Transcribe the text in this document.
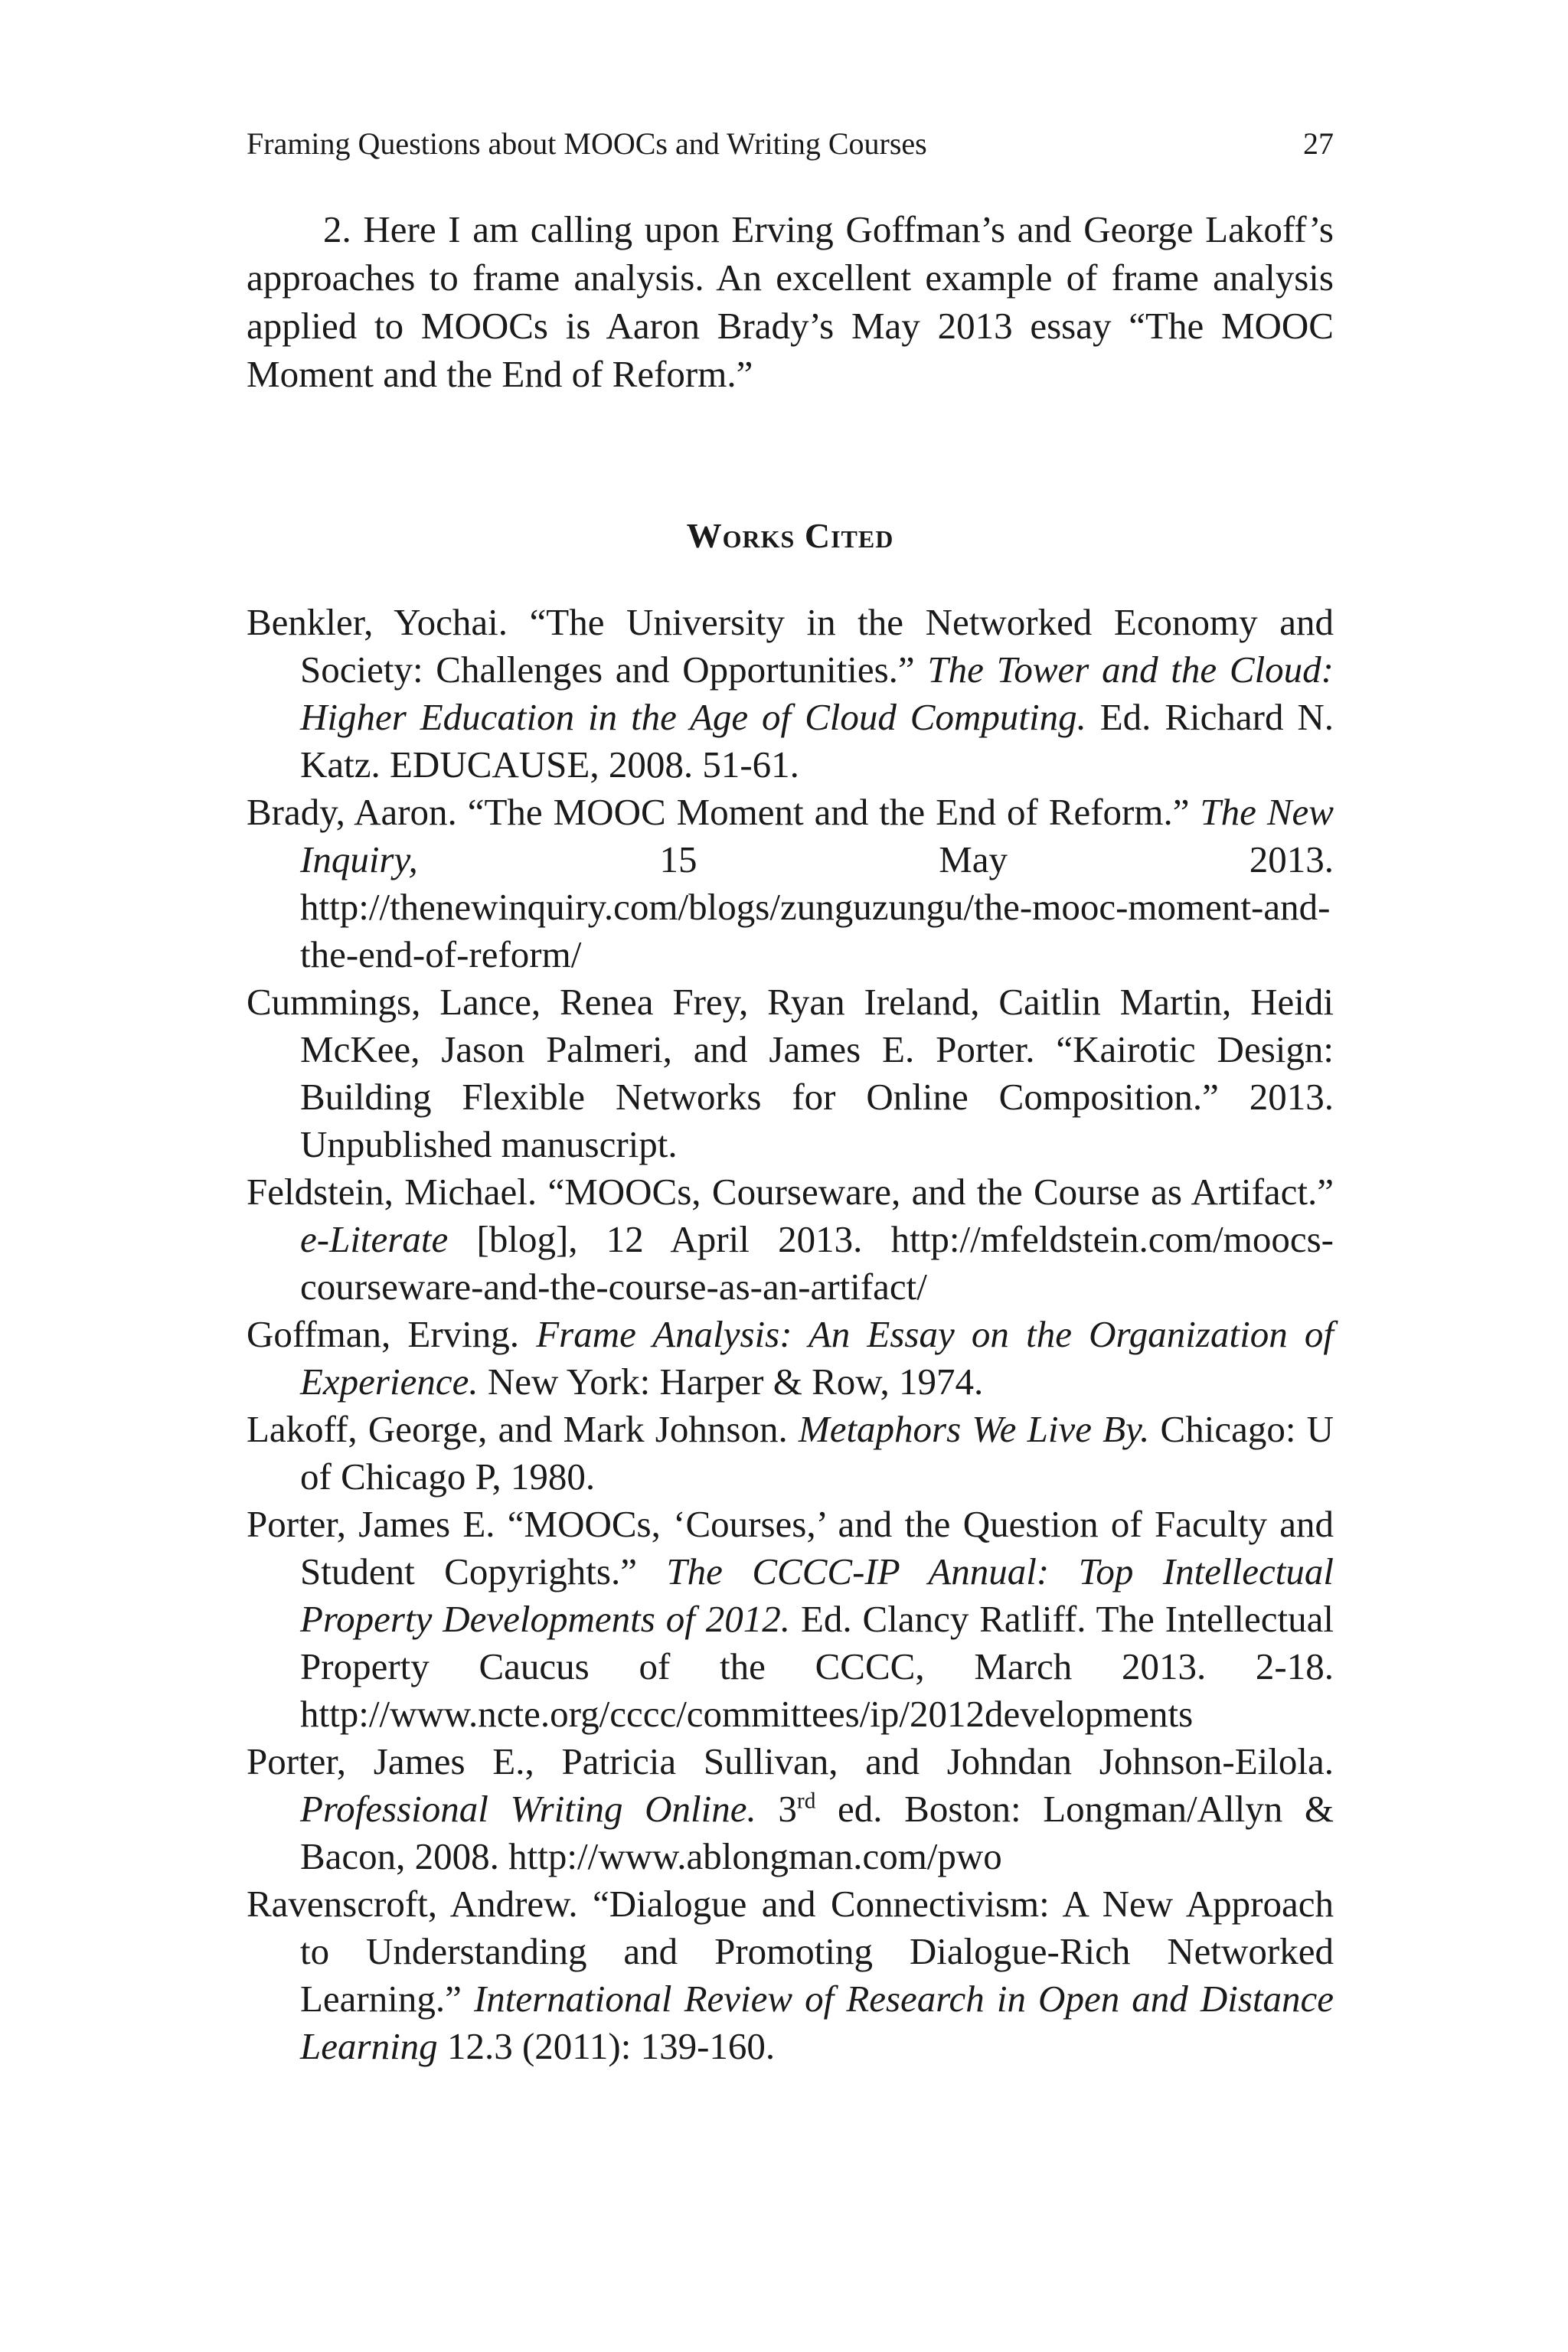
Framing Questions about MOOCs and Writing Courses	27

2. Here I am calling upon Erving Goffman’s and George Lakoff’s approaches to frame analysis. An excellent example of frame analysis applied to MOOCs is Aaron Brady’s May 2013 essay “The MOOC Moment and the End of Reform.”

Works Cited
Benkler, Yochai. “The University in the Networked Economy and Society: Challenges and Opportunities.” The Tower and the Cloud: Higher Education in the Age of Cloud Computing. Ed. Richard N. Katz. EDUCAUSE, 2008. 51-61.
Brady, Aaron. “The MOOC Moment and the End of Reform.” The New Inquiry, 15 May 2013. http://thenewinquiry.com/blogs/zunguzungu/the-mooc-moment-and-the-end-of-reform/
Cummings, Lance, Renea Frey, Ryan Ireland, Caitlin Martin, Heidi McKee, Jason Palmeri, and James E. Porter. “Kairotic Design: Building Flexible Networks for Online Composition.” 2013. Unpublished manuscript.
Feldstein, Michael. “MOOCs, Courseware, and the Course as Artifact.” e-Literate [blog], 12 April 2013. http://mfeldstein.com/moocs-courseware-and-the-course-as-an-artifact/
Goffman, Erving. Frame Analysis: An Essay on the Organization of Experience. New York: Harper & Row, 1974.
Lakoff, George, and Mark Johnson. Metaphors We Live By. Chicago: U of Chicago P, 1980.
Porter, James E. “MOOCs, ‘Courses,’ and the Question of Faculty and Student Copyrights.” The CCCC-IP Annual: Top Intellectual Property Developments of 2012. Ed. Clancy Ratliff. The Intellectual Property Caucus of the CCCC, March 2013. 2-18. http://www.ncte.org/cccc/committees/ip/2012developments
Porter, James E., Patricia Sullivan, and Johndan Johnson-Eilola. Professional Writing Online. 3rd ed. Boston: Longman/Allyn & Bacon, 2008. http://www.ablongman.com/pwo
Ravenscroft, Andrew. “Dialogue and Connectivism: A New Approach to Understanding and Promoting Dialogue-Rich Networked Learning.” International Review of Research in Open and Distance Learning 12.3 (2011): 139-160.
